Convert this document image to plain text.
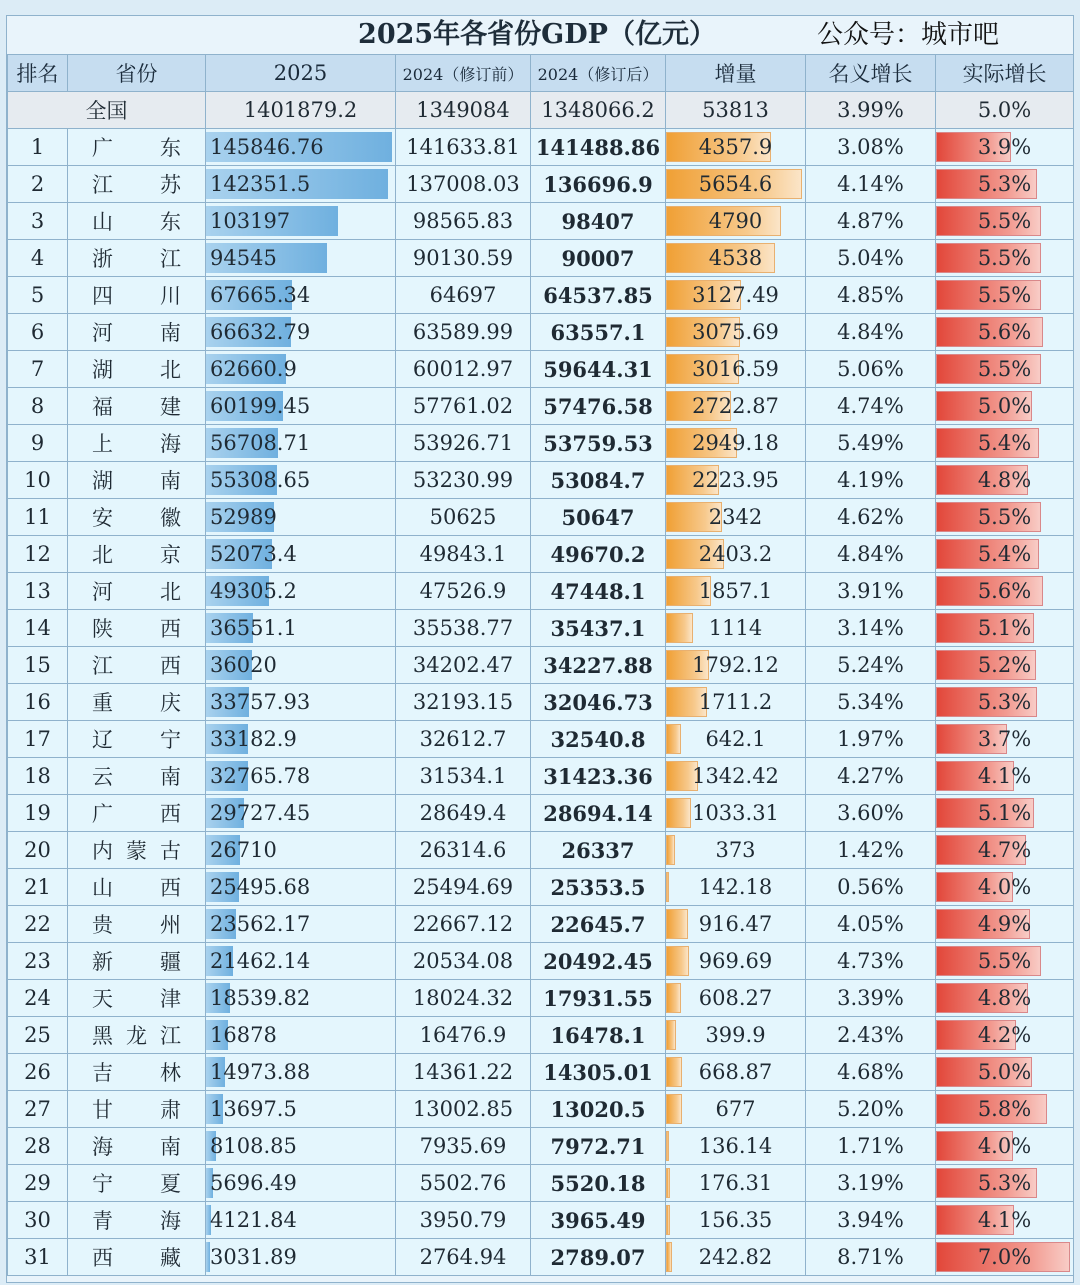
2025年各省份GDP（亿元）	公众号：城市吧
排名	省份	2025	2024（修订前）	2024（修订后）	增量	名义增长	实际增长
全国		1401879.2	1349084	1348066.2	53813	3.99%	5.0%
1	广 东	145846.76	141633.81	141488.86	4357.9	3.08%	3.9%
2	江 苏	142351.5	137008.03	136696.9	5654.6	4.14%	5.3%
3	山 东	103197	98565.83	98407	4790	4.87%	5.5%
4	浙 江	94545	90130.59	90007	4538	5.04%	5.5%
5	四 川	67665.34	64697	64537.85	3127.49	4.85%	5.5%
6	河 南	66632.79	63589.99	63557.1	3075.69	4.84%	5.6%
7	湖 北	62660.9	60012.97	59644.31	3016.59	5.06%	5.5%
8	福 建	60199.45	57761.02	57476.58	2722.87	4.74%	5.0%
9	上 海	56708.71	53926.71	53759.53	2949.18	5.49%	5.4%
10	湖 南	55308.65	53230.99	53084.7	2223.95	4.19%	4.8%
11	安 徽	52989	50625	50647	2342	4.62%	5.5%
12	北 京	52073.4	49843.1	49670.2	2403.2	4.84%	5.4%
13	河 北	49305.2	47526.9	47448.1	1857.1	3.91%	5.6%
14	陕 西	36551.1	35538.77	35437.1	1114	3.14%	5.1%
15	江 西	36020	34202.47	34227.88	1792.12	5.24%	5.2%
16	重 庆	33757.93	32193.15	32046.73	1711.2	5.34%	5.3%
17	辽 宁	33182.9	32612.7	32540.8	642.1	1.97%	3.7%
18	云 南	32765.78	31534.1	31423.36	1342.42	4.27%	4.1%
19	广 西	29727.45	28649.4	28694.14	1033.31	3.60%	5.1%
20	内 蒙 古	26710	26314.6	26337	373	1.42%	4.7%
21	山 西	25495.68	25494.69	25353.5	142.18	0.56%	4.0%
22	贵 州	23562.17	22667.12	22645.7	916.47	4.05%	4.9%
23	新 疆	21462.14	20534.08	20492.45	969.69	4.73%	5.5%
24	天 津	18539.82	18024.32	17931.55	608.27	3.39%	4.8%
25	黑 龙 江	16878	16476.9	16478.1	399.9	2.43%	4.2%
26	吉 林	14973.88	14361.22	14305.01	668.87	4.68%	5.0%
27	甘 肃	13697.5	13002.85	13020.5	677	5.20%	5.8%
28	海 南	8108.85	7935.69	7972.71	136.14	1.71%	4.0%
29	宁 夏	5696.49	5502.76	5520.18	176.31	3.19%	5.3%
30	青 海	4121.84	3950.79	3965.49	156.35	3.94%	4.1%
31	西 藏	3031.89	2764.94	2789.07	242.82	8.71%	7.0%
